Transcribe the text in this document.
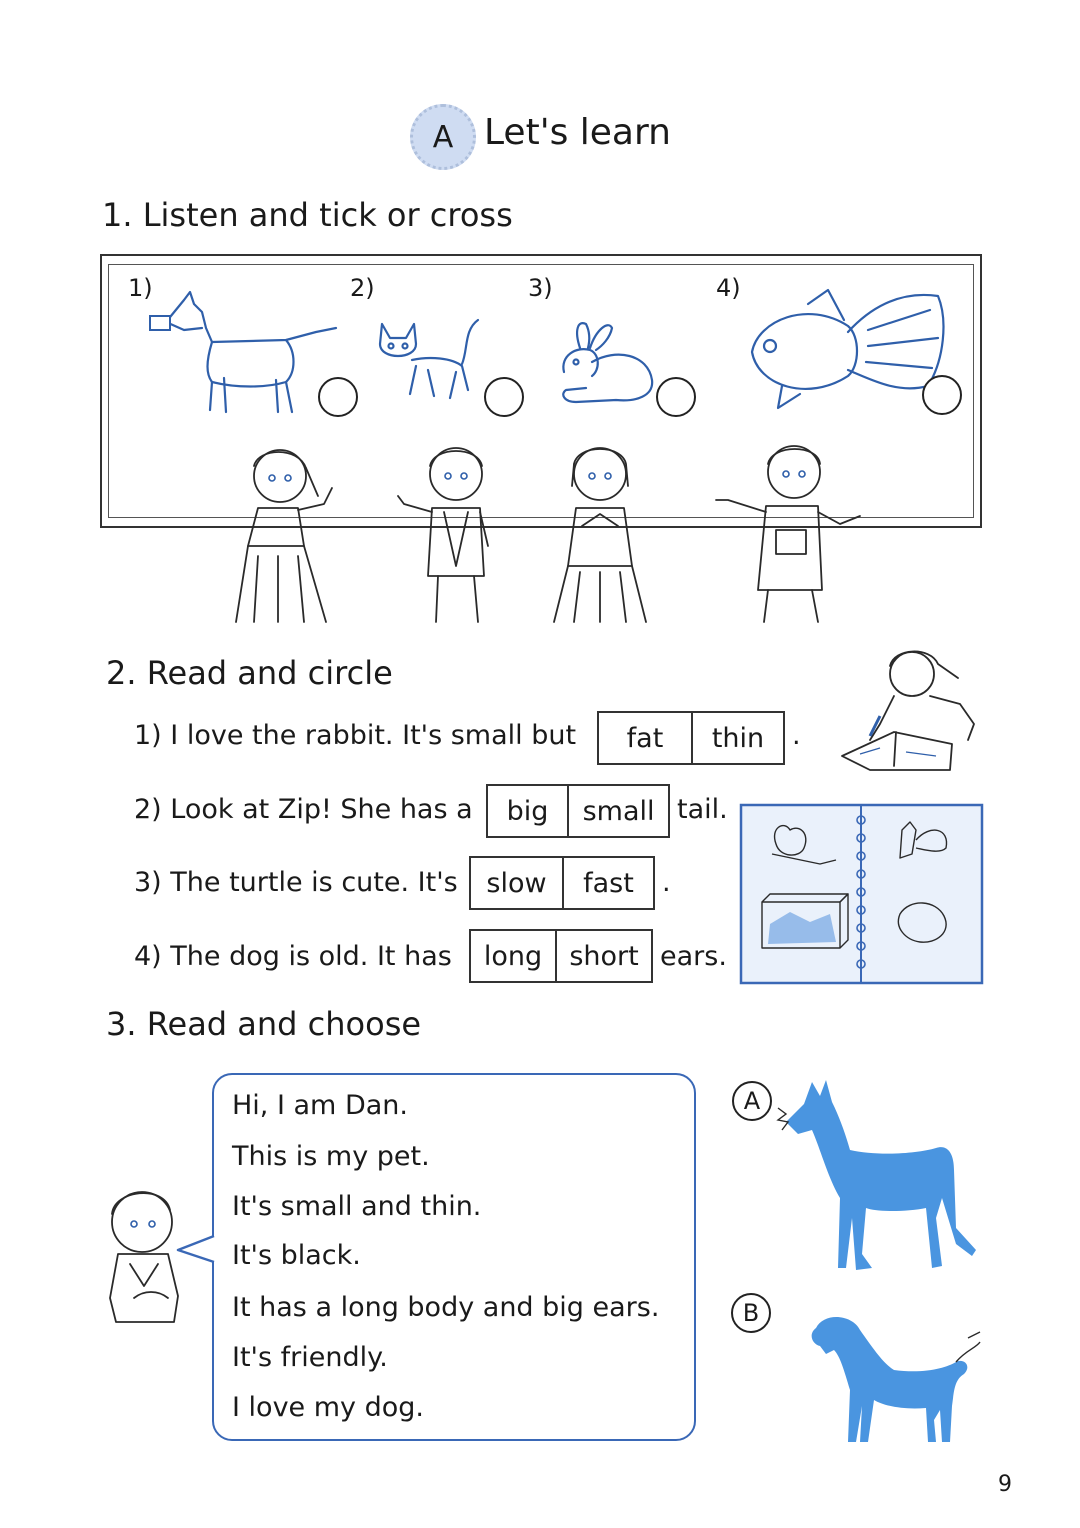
A Let's learn
1. Listen and tick or cross
1)	2)	3)	4)
2. Read and circle
1) I love the rabbit. It's small but	fat	thin	.
2) Look at Zip! She has a	big	small tail.
3) The turtle is cute. It's	slow	fast	.
4) The dog is old. It has	long	short ears.
3. Read and choose
Hi, I am Dan.
This is my pet.
It's small and thin.
It's black.
It has a long body and big ears.
It's friendly.
I love my dog.
A
B
9
